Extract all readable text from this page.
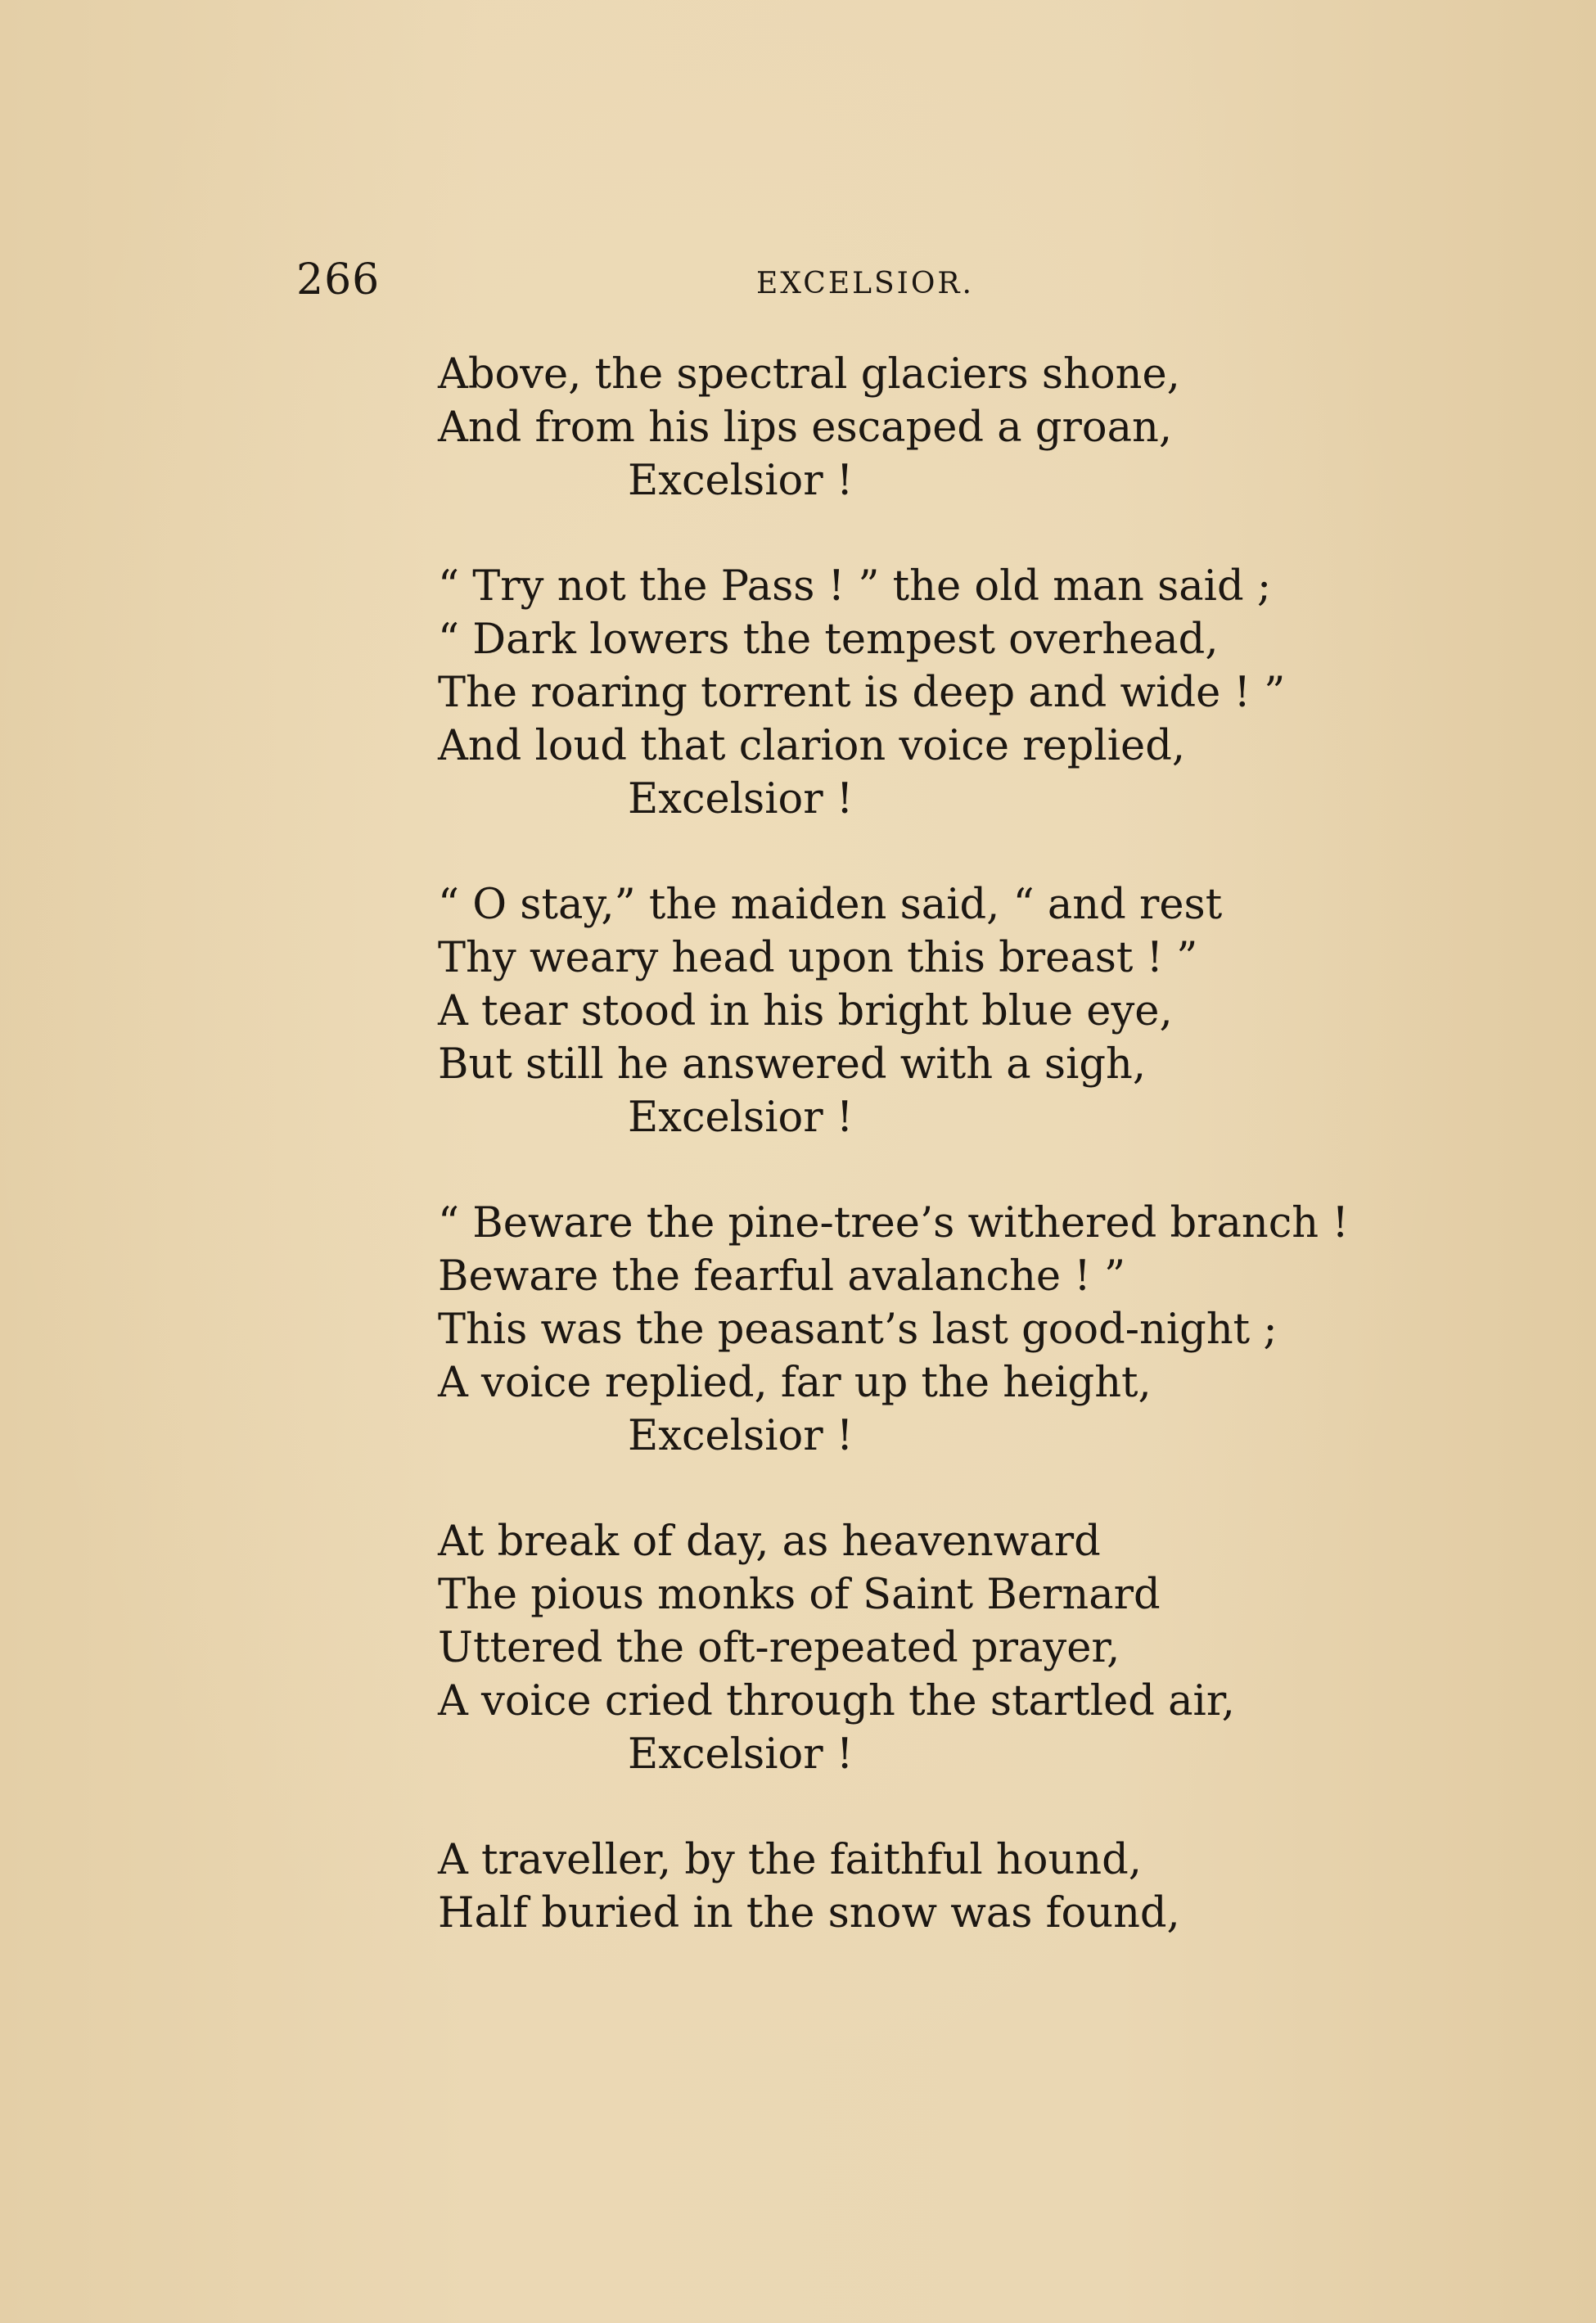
266	EXCELSIOR.
Above, the spectral glaciers shone,
And from his lips escaped a groan,
Excelsior !
“ Try not the Pass ! ” the old man said ;
“ Dark lowers the tempest overhead,
The roaring torrent is deep and wide ! ”
And loud that clarion voice replied,
Excelsior !
“ O stay,” the maiden said, “ and rest
Thy weary head upon this breast ! ”
A tear stood in his bright blue eye,
But still he answered with a sigh,
Excelsior !
“ Beware the pine-tree’s withered branch !
Beware the fearful avalanche ! ”
This was the peasant’s last good-night ;
A voice replied, far up the height,
Excelsior !
At break of day, as heavenward
The pious monks of Saint Bernard
Uttered the oft-repeated prayer,
A voice cried through the startled air,
Excelsior !
A traveller, by the faithful hound,
Half buried in the snow was found,
